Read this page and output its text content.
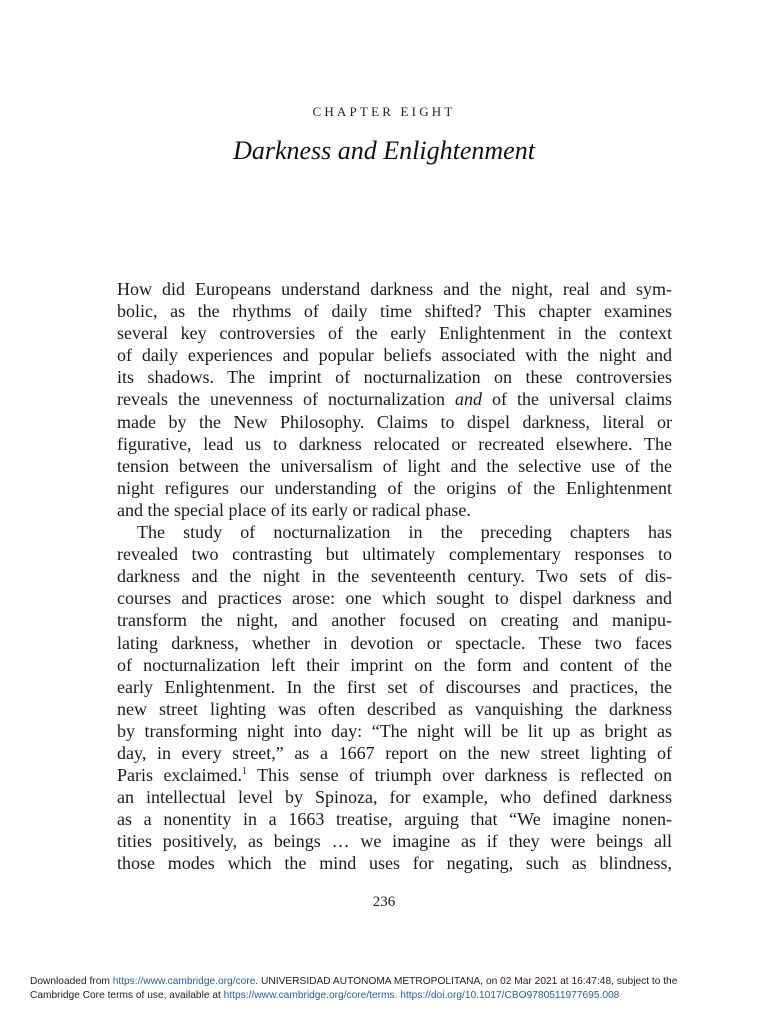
CHAPTER EIGHT
Darkness and Enlightenment
How did Europeans understand darkness and the night, real and sym-
bolic, as the rhythms of daily time shifted? This chapter examines
several key controversies of the early Enlightenment in the context
of daily experiences and popular beliefs associated with the night and
its shadows. The imprint of nocturnalization on these controversies
reveals the unevenness of nocturnalization and of the universal claims
made by the New Philosophy. Claims to dispel darkness, literal or
figurative, lead us to darkness relocated or recreated elsewhere. The
tension between the universalism of light and the selective use of the
night refigures our understanding of the origins of the Enlightenment
and the special place of its early or radical phase.
The study of nocturnalization in the preceding chapters has
revealed two contrasting but ultimately complementary responses to
darkness and the night in the seventeenth century. Two sets of dis-
courses and practices arose: one which sought to dispel darkness and
transform the night, and another focused on creating and manipu-
lating darkness, whether in devotion or spectacle. These two faces
of nocturnalization left their imprint on the form and content of the
early Enlightenment. In the first set of discourses and practices, the
new street lighting was often described as vanquishing the darkness
by transforming night into day: “The night will be lit up as bright as
day, in every street,” as a 1667 report on the new street lighting of
Paris exclaimed.$^1$ This sense of triumph over darkness is reflected on
an intellectual level by Spinoza, for example, who defined darkness
as a nonentity in a 1663 treatise, arguing that “We imagine nonen-
tities positively, as beings … we imagine as if they were beings all
those modes which the mind uses for negating, such as blindness,
236
Downloaded from https://www.cambridge.org/core. UNIVERSIDAD AUTONOMA METROPOLITANA, on 02 Mar 2021 at 16:47:48, subject to the
Cambridge Core terms of use, available at https://www.cambridge.org/core/terms. https://doi.org/10.1017/CBO9780511977695.008
